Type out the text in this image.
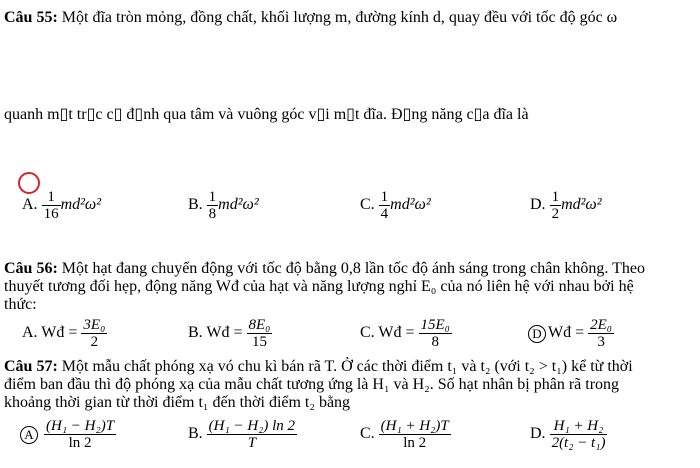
Câu 55: Một đĩa tròn mỏng, đồng chất, khối lượng m, đường kính d, quay đều với tốc độ góc ω
quanh m▯t tr▯c c▯ đ▯nh qua tâm và vuông góc v▯i m▯t đĩa. Đ▯ng năng c▯a đĩa là
A. $\frac{1}{16} md^2\omega^2$	B. $\frac{1}{8} md^2\omega^2$	C. $\frac{1}{4} md^2\omega^2$	D. $\frac{1}{2} md^2\omega^2$
Câu 56: Một hạt đang chuyển động với tốc độ bằng 0,8 lần tốc độ ánh sáng trong chân không. Theo
thuyết tương đối hẹp, động năng Wđ của hạt và năng lượng nghỉ E₀ của nó liên hệ với nhau bởi hệ
thức:
A. Wđ = $\frac{\text{3E₀}}{2}$	B. Wđ = $\frac{\text{8E₀}}{15}$	C. Wđ = $\frac{\text{15E₀}}{8}$	D Wđ = $\frac{\text{2E₀}}{3}$
Câu 57: Một mẫu chất phóng xạ vó chu kì bán rã T. Ở các thời điểm t₁ và t₂ (với t₂ > t₁) kể từ thời
điểm ban đầu thì độ phóng xạ của mẫu chất tương ứng là H₁ và H₂. Số hạt nhân bị phân rã trong
khoảng thời gian từ thời điểm t₁ đến thời điểm t₂ bằng
A $\frac{\text{(H₁ − H₂)T}}{\ln 2}$	B. $\frac{\text{(H₁ − H₂) ln 2}}{T}$	C. $\frac{\text{(H₁ + H₂)T}}{\ln 2}$	D. $\frac{\text{H₁ + H₂}}{\text{2(t₂ − t₁)}}$
